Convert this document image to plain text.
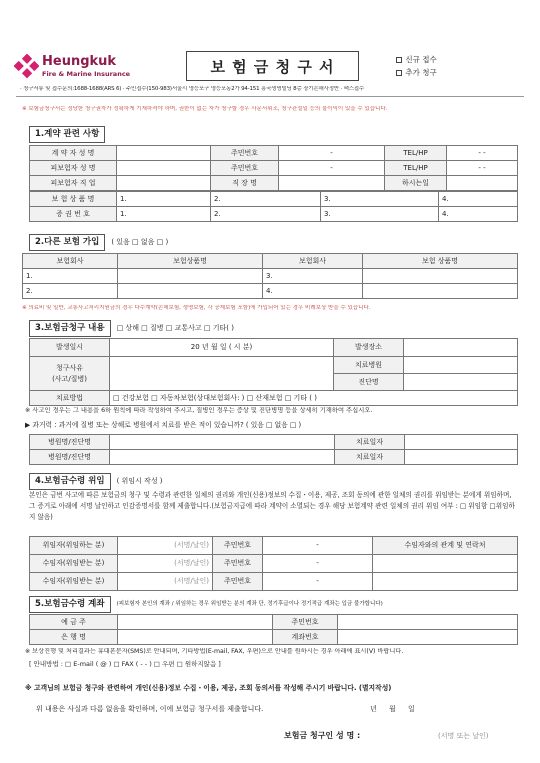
Heungkuk
Fire & Marine Insurance	보 험 금 청 구 서	신규 접수
추가 청구
· 청구서류 및 접수문의:1688-1688(ARS 6) · 주민접수(150-983)서울시 영등포구 영등포동2가 94-151 흥국생명빌딩 8층 장기손해사정반 · 팩스접수
※ 보험금청구서는 정당한 청구권자가 정확하게 기재하셔야 하며, 권한이 없는 자가 청구할 경우 사문서위조, 청구관설일 등의 불이익이 있을 수 있습니다.
1.계약 관련 사항
계 약 자 성 명		주민번호	-	TEL/HP	- -
피보험자 성 명		주민번호	-	TEL/HP	- -
피보험자 직 업		직 장 명		하시는일	
보 험 상 품 명	1.	2.	3.	4.
증 권 번 호	1.	2.	3.	4.
2.다른 보험 가입	( 있음 □ 없음 □ )
보험회사	보험상품명	보험회사	보험 상품명
1.		3.	
2.		4.	
※ 의료비 및 일반, 교통사고처리지원금의 경우 다수계약(손해보험, 생명보험, 각 공제보험 포함)에 가입되어 있는 경우 비례보상 받을 수 있습니다.
3.보험금청구 내용	□ 상해 □ 질병 □ 교통사고 □ 기타( )
발생일시	20 년 월 일 ( 시 분)	발생장소	
청구사유
(사고/질병)		치료병원	
		진단명	
치료방법	□ 건강보험 □ 자동차보험(상대보험회사: ) □ 산재보험 □ 기타 ( )		
※ 사고인 경우는 그 내용을 6하 원칙에 따라 작성하여 주시고, 질병인 경우는 증상 및 진단병명 등을 상세히 기재하여 주십시오.
▶ 과거력 : 과거에 질병 또는 상해로 병원에서 치료를 받은 적이 있습니까? ( 있음 □ 없음 □ )
병원명/진단명		치료일자	
병원명/진단명		치료일자	
4.보험금수령 위임	( 위임시 작성 )
본인은 금번 사고에 따른 보험금의 청구 및 수령과 관련한 일체의 권리와 개인(신용)정보의 수집・이용, 제공, 조회 동의에 관한 일체의 권리를 위임받는 분에게 위임하며, 그 증거로 아래에 서명 날인하고 인감증명서를 함께 제출합니다.(보험금지급에 따라 계약이 소멸되는 경우 해당 보험계약 관련 일체의 권리 위임 여부 : □ 위임함 □위임하지 않음)
위임자(위임하는 분)	(서명/날인)	주민번호	-	수임자와의 관계 및 연락처
수임자(위임받는 분)	(서명/날인)	주민번호	-	
수임자(위임받는 분)	(서명/날인)	주민번호	-	
5.보험금수령 계좌	(피보험자 본인의 계좌 / 위임하는 경우 위임받는 분의 계좌 단, 정기후급이나 정기적급 계좌는 입금 불가합니다)
예 금 주		주민번호	
은 행 명		계좌번호	
※ 보상진행 및 처리결과는 휴대폰문자(SMS)로 안내되며, 기타방법(E-mail, FAX, 우편)으로 안내를 원하시는 경우 아래에 표시(V) 바랍니다.
[ 안내방법 : □ E-mail ( @ ) □ FAX ( - - ) □ 우편 □ 원하지않음 ]
※ 고객님의 보험금 청구와 관련하여 개인(신용)정보 수집・이용, 제공, 조회 동의서를 작성해 주시기 바랍니다. (별지작성)
위 내용은 사실과 다름 없음을 확인하며, 이에 보험금 청구서를 제출합니다.	년 월 일
보험금 청구인 성 명 :	(서명 또는 날인)
